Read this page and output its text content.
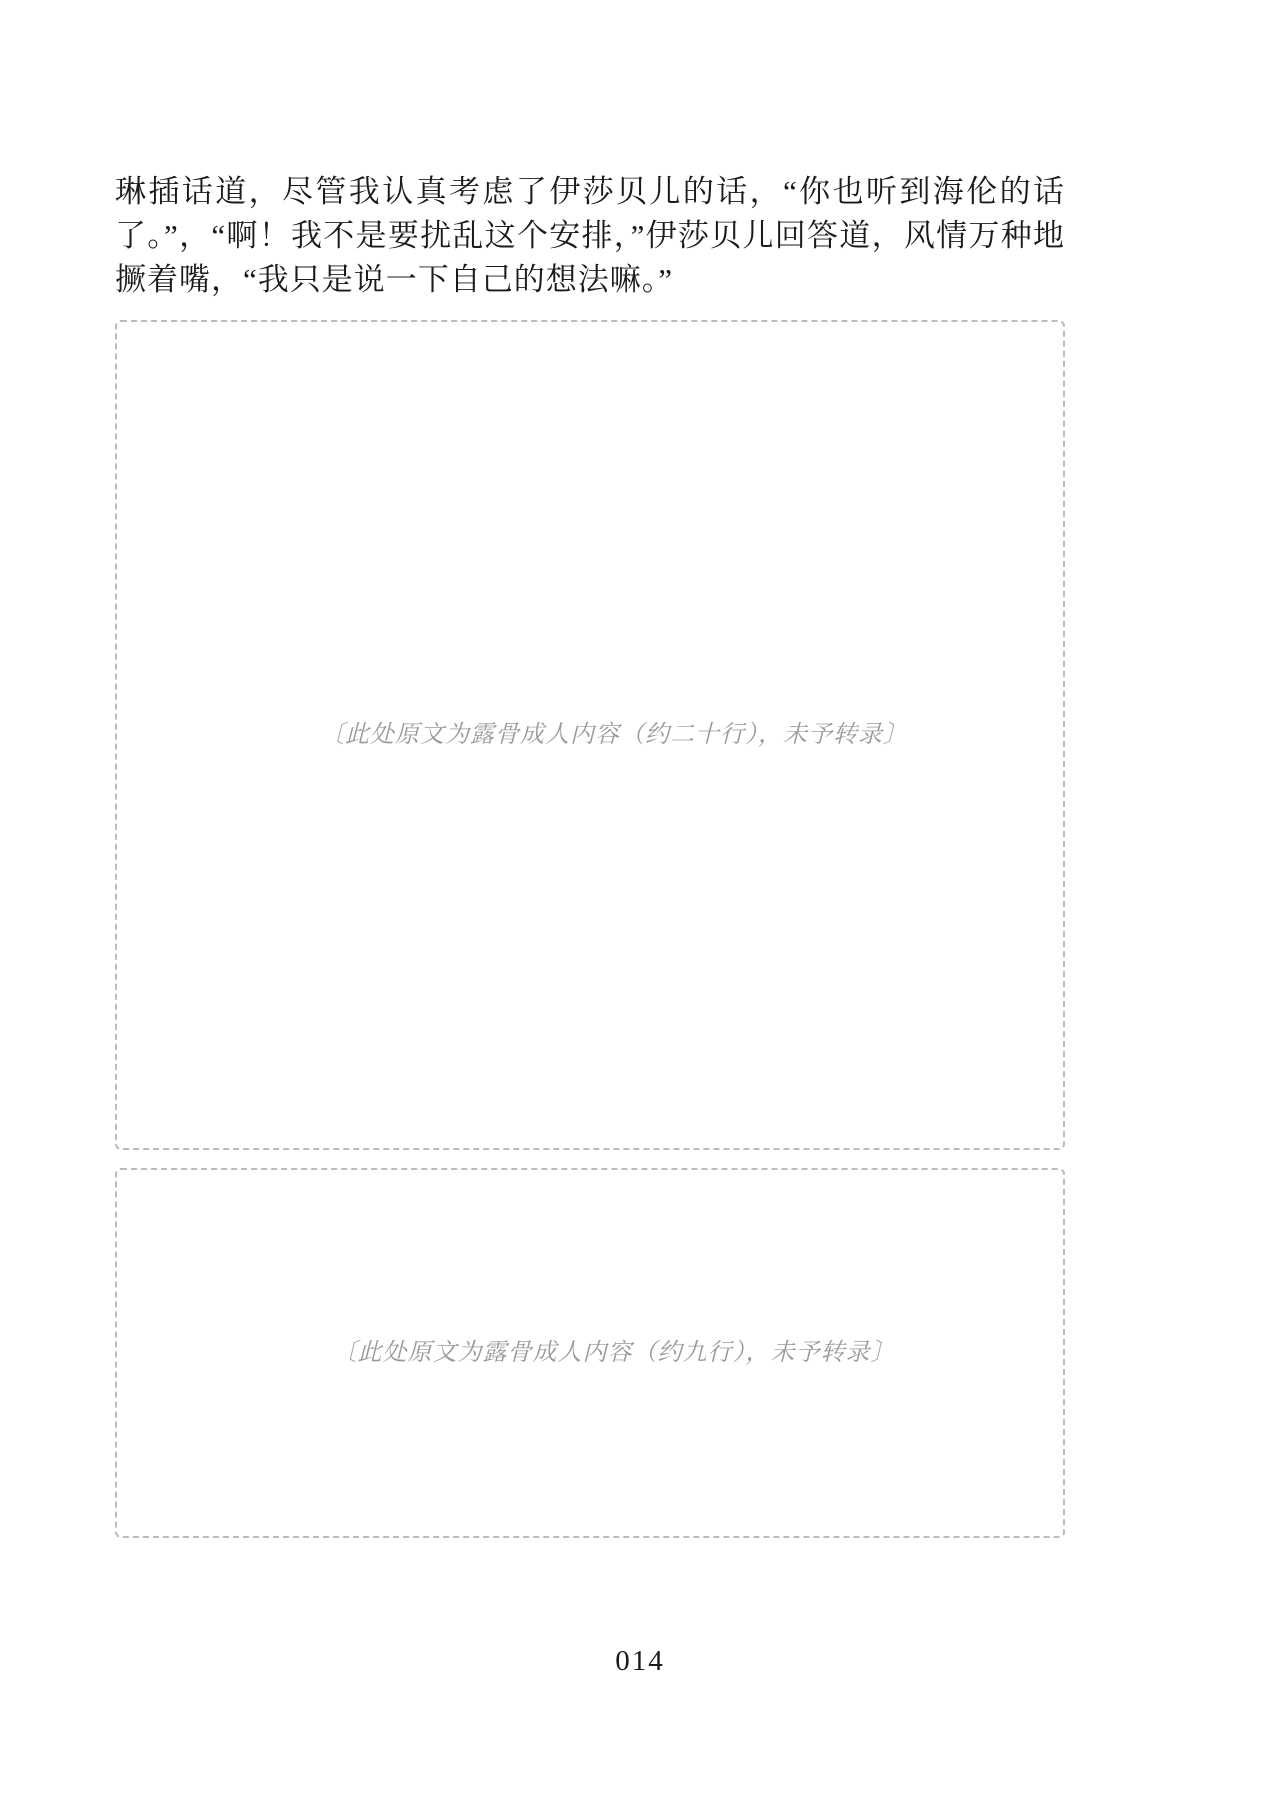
琳插话道，尽管我认真考虑了伊莎贝儿的话，“你也听到海伦的话了。”，“啊！我不是要扰乱这个安排，”伊莎贝儿回答道，风情万种地撅着嘴，“我只是说一下自己的想法嘛。”

〔此处原文为露骨成人内容（约二十行），未予转录〕

〔此处原文为露骨成人内容（约九行），未予转录〕

014
